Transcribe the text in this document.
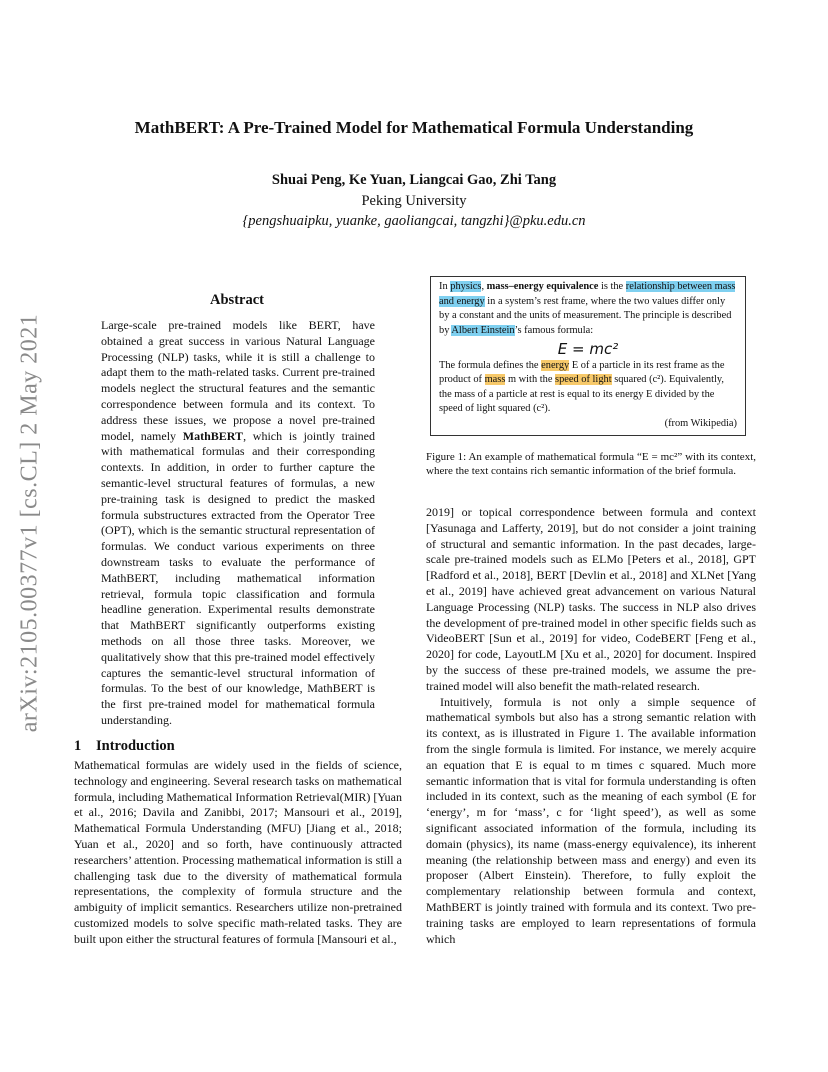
MathBERT: A Pre-Trained Model for Mathematical Formula Understanding
Shuai Peng, Ke Yuan, Liangcai Gao, Zhi Tang
Peking University
{pengshuaipku, yuanke, gaoliangcai, tangzhi}@pku.edu.cn
arXiv:2105.00377v1 [cs.CL] 2 May 2021
Abstract

Large-scale pre-trained models like BERT, have obtained a great success in various Natural Language Processing (NLP) tasks, while it is still a challenge to adapt them to the math-related tasks. Current pre-trained models neglect the structural features and the semantic correspondence between formula and its context. To address these issues, we propose a novel pre-trained model, namely MathBERT, which is jointly trained with mathematical formulas and their corresponding contexts. In addition, in order to further capture the semantic-level structural features of formulas, a new pre-training task is designed to predict the masked formula substructures extracted from the Operator Tree (OPT), which is the semantic structural representation of formulas. We conduct various experiments on three downstream tasks to evaluate the performance of MathBERT, including mathematical information retrieval, formula topic classification and formula headline generation. Experimental results demonstrate that MathBERT significantly outperforms existing methods on all those three tasks. Moreover, we qualitatively show that this pre-trained model effectively captures the semantic-level structural information of formulas. To the best of our knowledge, MathBERT is the first pre-trained model for mathematical formula understanding.

1 Introduction

Mathematical formulas are widely used in the fields of science, technology and engineering. Several research tasks on mathematical formula, including Mathematical Information Retrieval(MIR) [Yuan et al., 2016; Davila and Zanibbi, 2017; Mansouri et al., 2019], Mathematical Formula Understanding (MFU) [Jiang et al., 2018; Yuan et al., 2020] and so forth, have continuously attracted researchers’ attention. Processing mathematical information is still a challenging task due to the diversity of mathematical formula representations, the complexity of formula structure and the ambiguity of implicit semantics. Researchers utilize non-pretrained customized models to solve specific math-related tasks. They are built upon either the structural features of formula [Mansouri et al.,

In physics, mass–energy equivalence is the relationship between mass and energy in a system’s rest frame, where the two values differ only by a constant and the units of measurement. The principle is described by Albert Einstein’s famous formula:

E = mc²

The formula defines the energy E of a particle in its rest frame as the product of mass m with the speed of light squared (c²). Equivalently, the mass of a particle at rest is equal to its energy E divided by the speed of light squared (c²).

(from Wikipedia)

Figure 1: An example of mathematical formula “E = mc²” with its context, where the text contains rich semantic information of the brief formula.

2019] or topical correspondence between formula and context [Yasunaga and Lafferty, 2019], but do not consider a joint training of structural and semantic information. In the past decades, large-scale pre-trained models such as ELMo [Peters et al., 2018], GPT [Radford et al., 2018], BERT [Devlin et al., 2018] and XLNet [Yang et al., 2019] have achieved great advancement on various Natural Language Processing (NLP) tasks. The success in NLP also drives the development of pre-trained model in other specific fields such as VideoBERT [Sun et al., 2019] for video, CodeBERT [Feng et al., 2020] for code, LayoutLM [Xu et al., 2020] for document. Inspired by the success of these pre-trained models, we assume the pre-trained model will also benefit the math-related research.

Intuitively, formula is not only a simple sequence of mathematical symbols but also has a strong semantic relation with its context, as is illustrated in Figure 1. The available information from the single formula is limited. For instance, we merely acquire an equation that E is equal to m times c squared. Much more semantic information that is vital for formula understanding is often included in its context, such as the meaning of each symbol (E for ‘energy’, m for ‘mass’, c for ‘light speed’), as well as some significant associated information of the formula, including its domain (physics), its name (mass-energy equivalence), its inherent meaning (the relationship between mass and energy) and even its proposer (Albert Einstein). Therefore, to fully exploit the complementary relationship between formula and context, MathBERT is jointly trained with formula and its context. Two pre-training tasks are employed to learn representations of formula which
